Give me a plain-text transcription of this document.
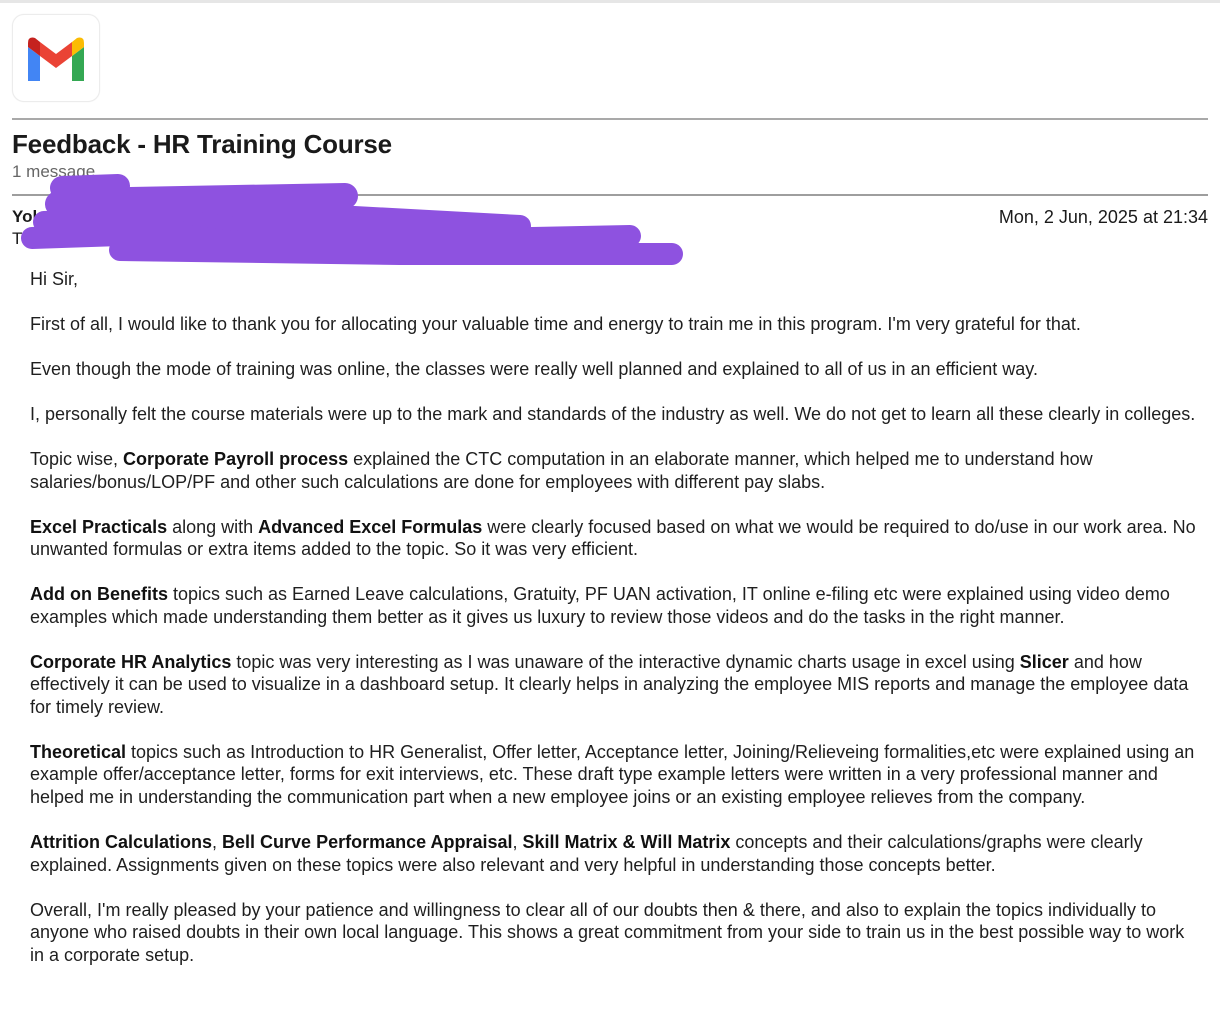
Feedback - HR Training Course
1 message
Yok
T
Mon, 2 Jun, 2025 at 21:34

Hi Sir,

First of all, I would like to thank you for allocating your valuable time and energy to train me in this program. I'm very grateful for that.

Even though the mode of training was online, the classes were really well planned and explained to all of us in an efficient way.

I, personally felt the course materials were up to the mark and standards of the industry as well. We do not get to learn all these clearly in colleges.

Topic wise, Corporate Payroll process explained the CTC computation in an elaborate manner, which helped me to understand how salaries/bonus/LOP/PF and other such calculations are done for employees with different pay slabs.

Excel Practicals along with Advanced Excel Formulas were clearly focused based on what we would be required to do/use in our work area. No unwanted formulas or extra items added to the topic. So it was very efficient.

Add on Benefits topics such as Earned Leave calculations, Gratuity, PF UAN activation, IT online e-filing etc were explained using video demo examples which made understanding them better as it gives us luxury to review those videos and do the tasks in the right manner.

Corporate HR Analytics topic was very interesting as I was unaware of the interactive dynamic charts usage in excel using Slicer and how effectively it can be used to visualize in a dashboard setup. It clearly helps in analyzing the employee MIS reports and manage the employee data for timely review.

Theoretical topics such as Introduction to HR Generalist, Offer letter, Acceptance letter, Joining/Relieveing formalities,etc were explained using an example offer/acceptance letter, forms for exit interviews, etc. These draft type example letters were written in a very professional manner and helped me in understanding the communication part when a new employee joins or an existing employee relieves from the company.

Attrition Calculations, Bell Curve Performance Appraisal, Skill Matrix & Will Matrix concepts and their calculations/graphs were clearly explained. Assignments given on these topics were also relevant and very helpful in understanding those concepts better.

Overall, I'm really pleased by your patience and willingness to clear all of our doubts then & there, and also to explain the topics individually to anyone who raised doubts in their own local language. This shows a great commitment from your side to train us in the best possible way to work in a corporate setup.
